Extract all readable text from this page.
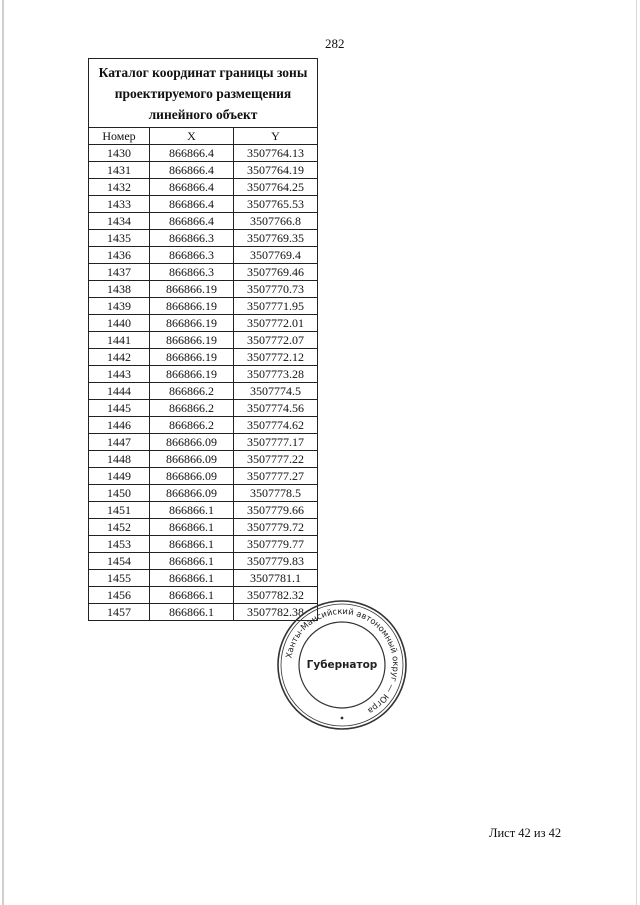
282
Каталог координат границы зоны проектируемого размещения линейного объект		
Номер	X	Y
1430	866866.4	3507764.13
1431	866866.4	3507764.19
1432	866866.4	3507764.25
1433	866866.4	3507765.53
1434	866866.4	3507766.8
1435	866866.3	3507769.35
1436	866866.3	3507769.4
1437	866866.3	3507769.46
1438	866866.19	3507770.73
1439	866866.19	3507771.95
1440	866866.19	3507772.01
1441	866866.19	3507772.07
1442	866866.19	3507772.12
1443	866866.19	3507773.28
1444	866866.2	3507774.5
1445	866866.2	3507774.56
1446	866866.2	3507774.62
1447	866866.09	3507777.17
1448	866866.09	3507777.22
1449	866866.09	3507777.27
1450	866866.09	3507778.5
1451	866866.1	3507779.66
1452	866866.1	3507779.72
1453	866866.1	3507779.77
1454	866866.1	3507779.83
1455	866866.1	3507781.1
1456	866866.1	3507782.32
1457	866866.1	3507782.38
Ханты-Мансийский автономный округ — Югра
Губернатор
Лист 42 из 42
